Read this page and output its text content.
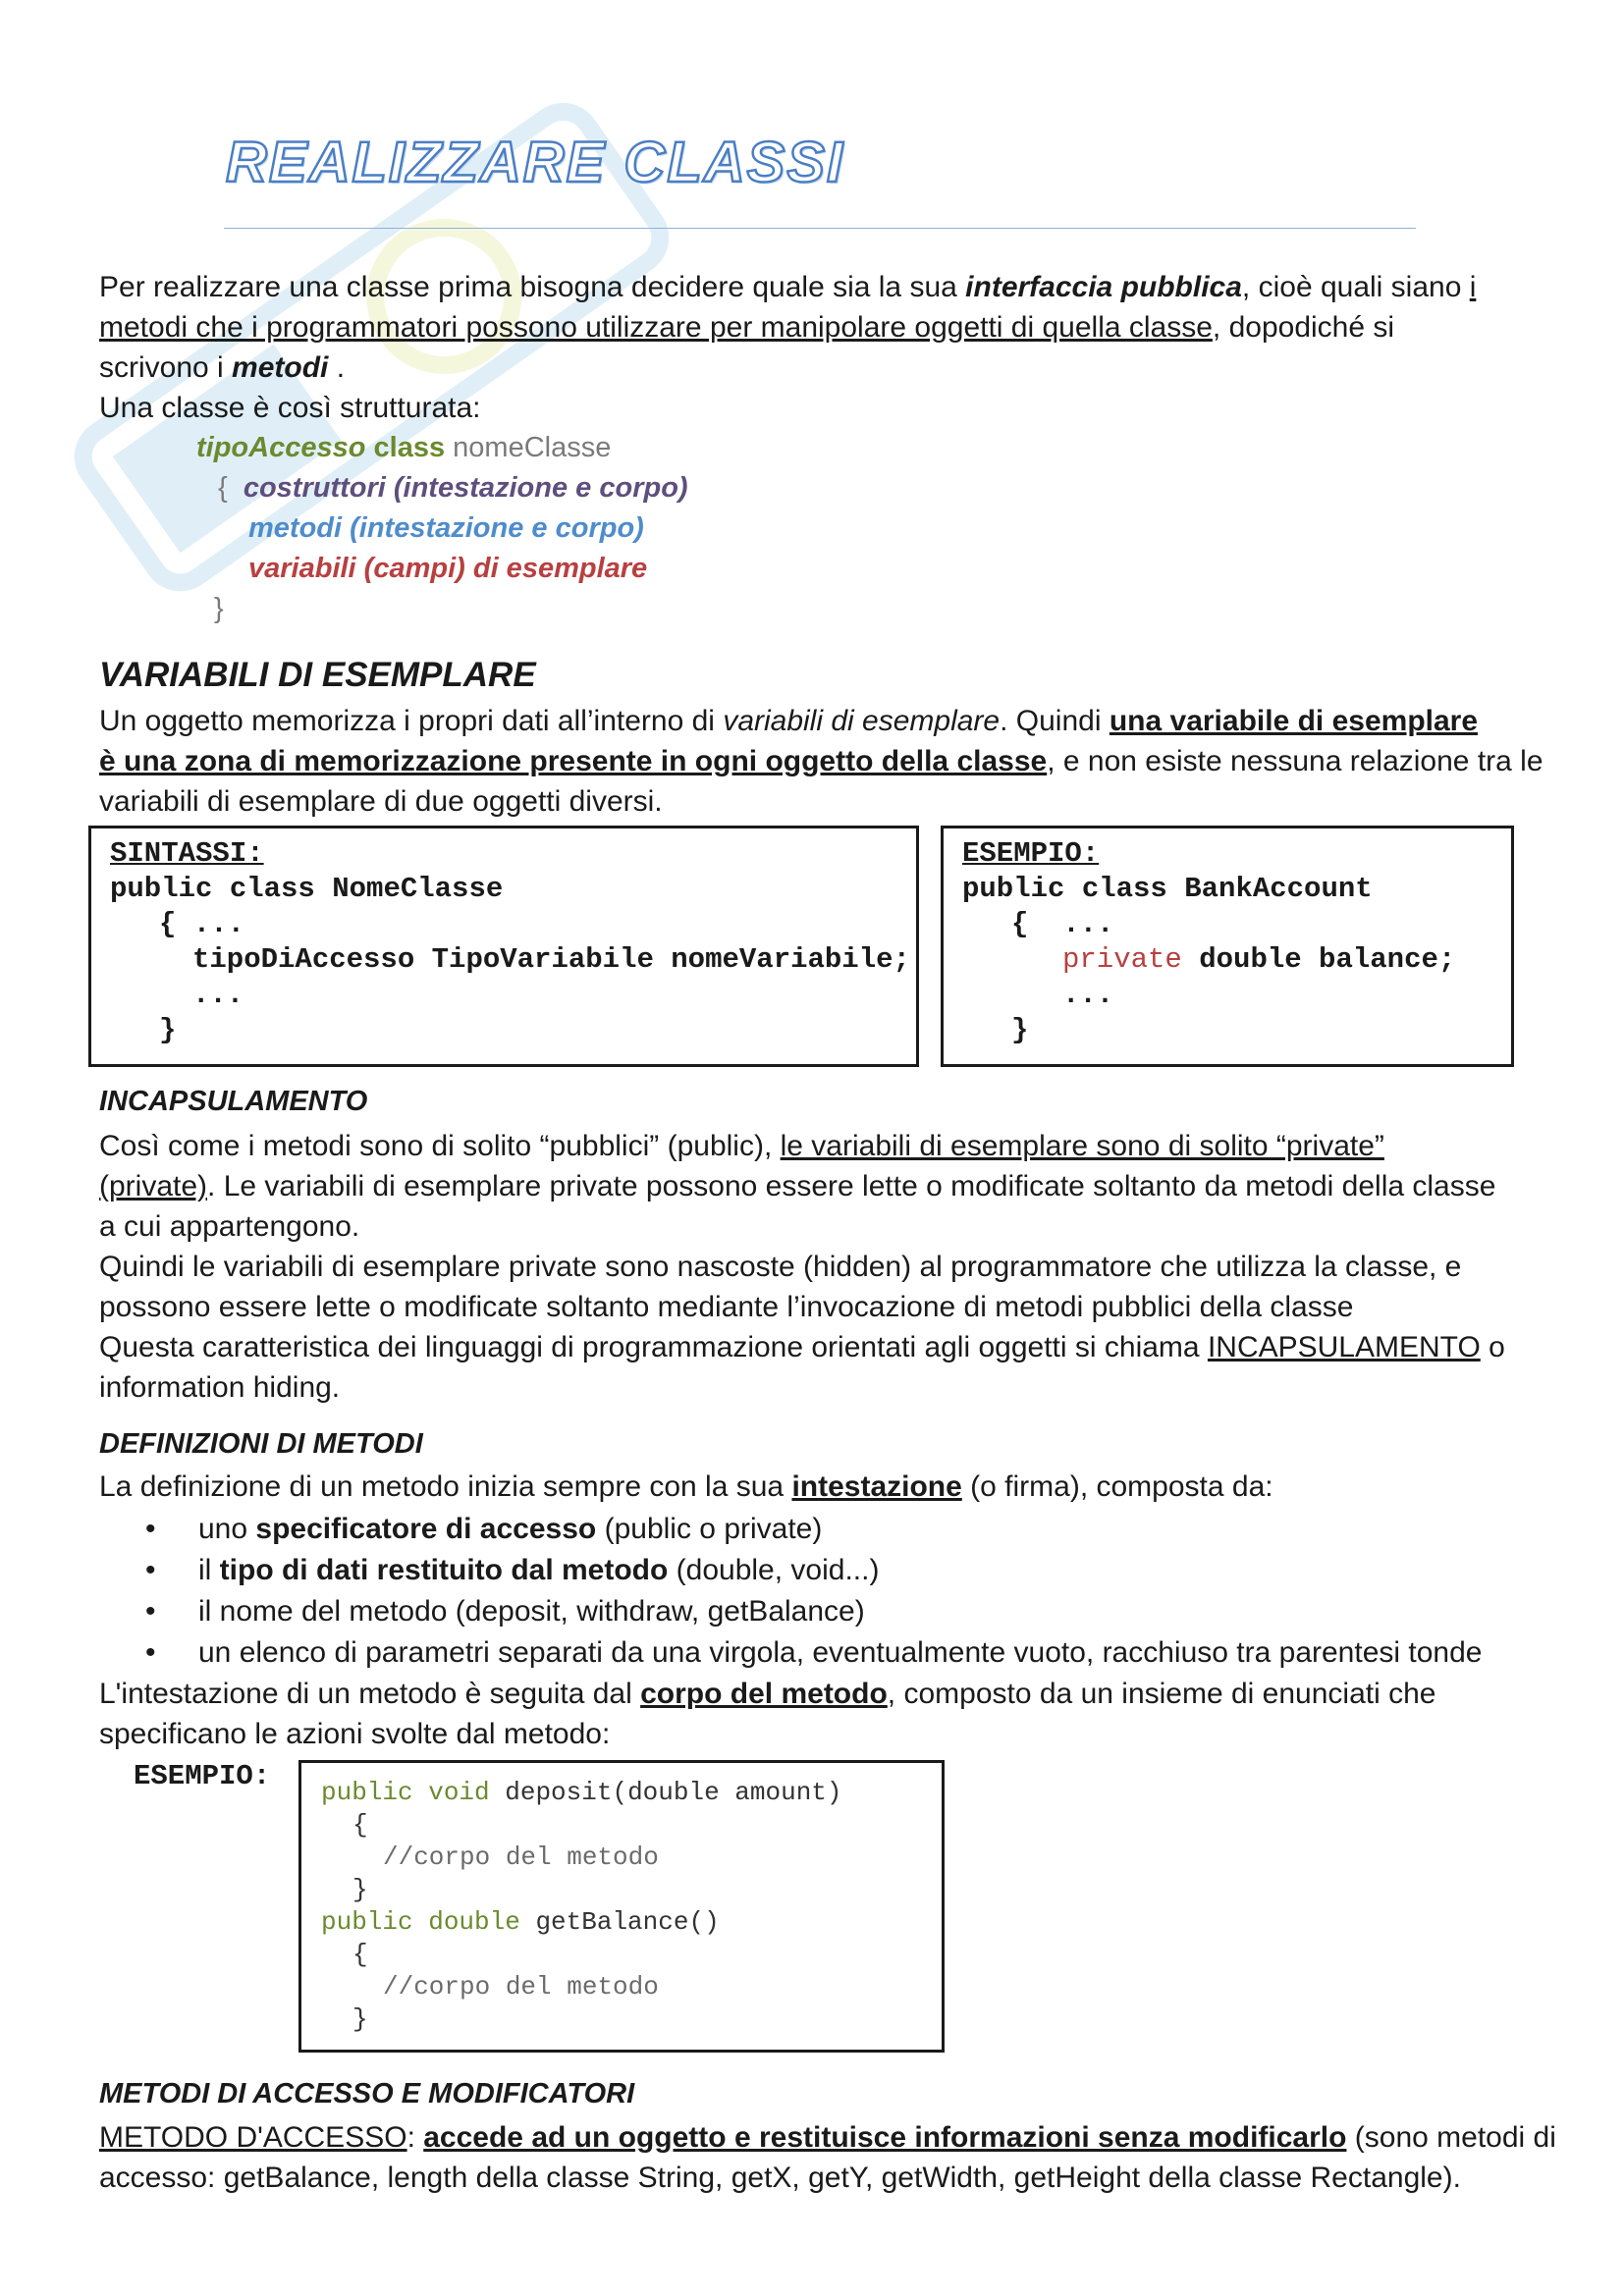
REALIZZARE CLASSI
Per realizzare una classe prima bisogna decidere quale sia la sua interfaccia pubblica, cioè quali siano i
metodi che i programmatori possono utilizzare per manipolare oggetti di quella classe, dopodiché si
scrivono i metodi .
Una classe è così strutturata:
tipoAccesso class nomeClasse
{ costruttori (intestazione e corpo)
metodi (intestazione e corpo)
variabili (campi) di esemplare
}
VARIABILI DI ESEMPLARE
Un oggetto memorizza i propri dati all’interno di variabili di esemplare. Quindi una variabile di esemplare
è una zona di memorizzazione presente in ogni oggetto della classe, e non esiste nessuna relazione tra le
variabili di esemplare di due oggetti diversi.
SINTASSI:
public class NomeClasse
{ ...
tipoDiAccesso TipoVariabile nomeVariabile;
...
}
ESEMPIO:
public class BankAccount
{  ...
private double balance;
...
}
INCAPSULAMENTO
Così come i metodi sono di solito “pubblici” (public), le variabili di esemplare sono di solito “private”
(private). Le variabili di esemplare private possono essere lette o modificate soltanto da metodi della classe
a cui appartengono.
Quindi le variabili di esemplare private sono nascoste (hidden) al programmatore che utilizza la classe, e
possono essere lette o modificate soltanto mediante l’invocazione di metodi pubblici della classe
Questa caratteristica dei linguaggi di programmazione orientati agli oggetti si chiama INCAPSULAMENTO o
information hiding.
DEFINIZIONI DI METODI
La definizione di un metodo inizia sempre con la sua intestazione (o firma), composta da:
• uno specificatore di accesso (public o private)
• il tipo di dati restituito dal metodo (double, void...)
• il nome del metodo (deposit, withdraw, getBalance)
• un elenco di parametri separati da una virgola, eventualmente vuoto, racchiuso tra parentesi tonde
L'intestazione di un metodo è seguita dal corpo del metodo, composto da un insieme di enunciati che
specificano le azioni svolte dal metodo:
ESEMPIO: public void deposit(double amount)
{
//corpo del metodo
}
public double getBalance()
{
//corpo del metodo
}
METODI DI ACCESSO E MODIFICATORI
METODO D'ACCESSO: accede ad un oggetto e restituisce informazioni senza modificarlo (sono metodi di
accesso: getBalance, length della classe String, getX, getY, getWidth, getHeight della classe Rectangle).
